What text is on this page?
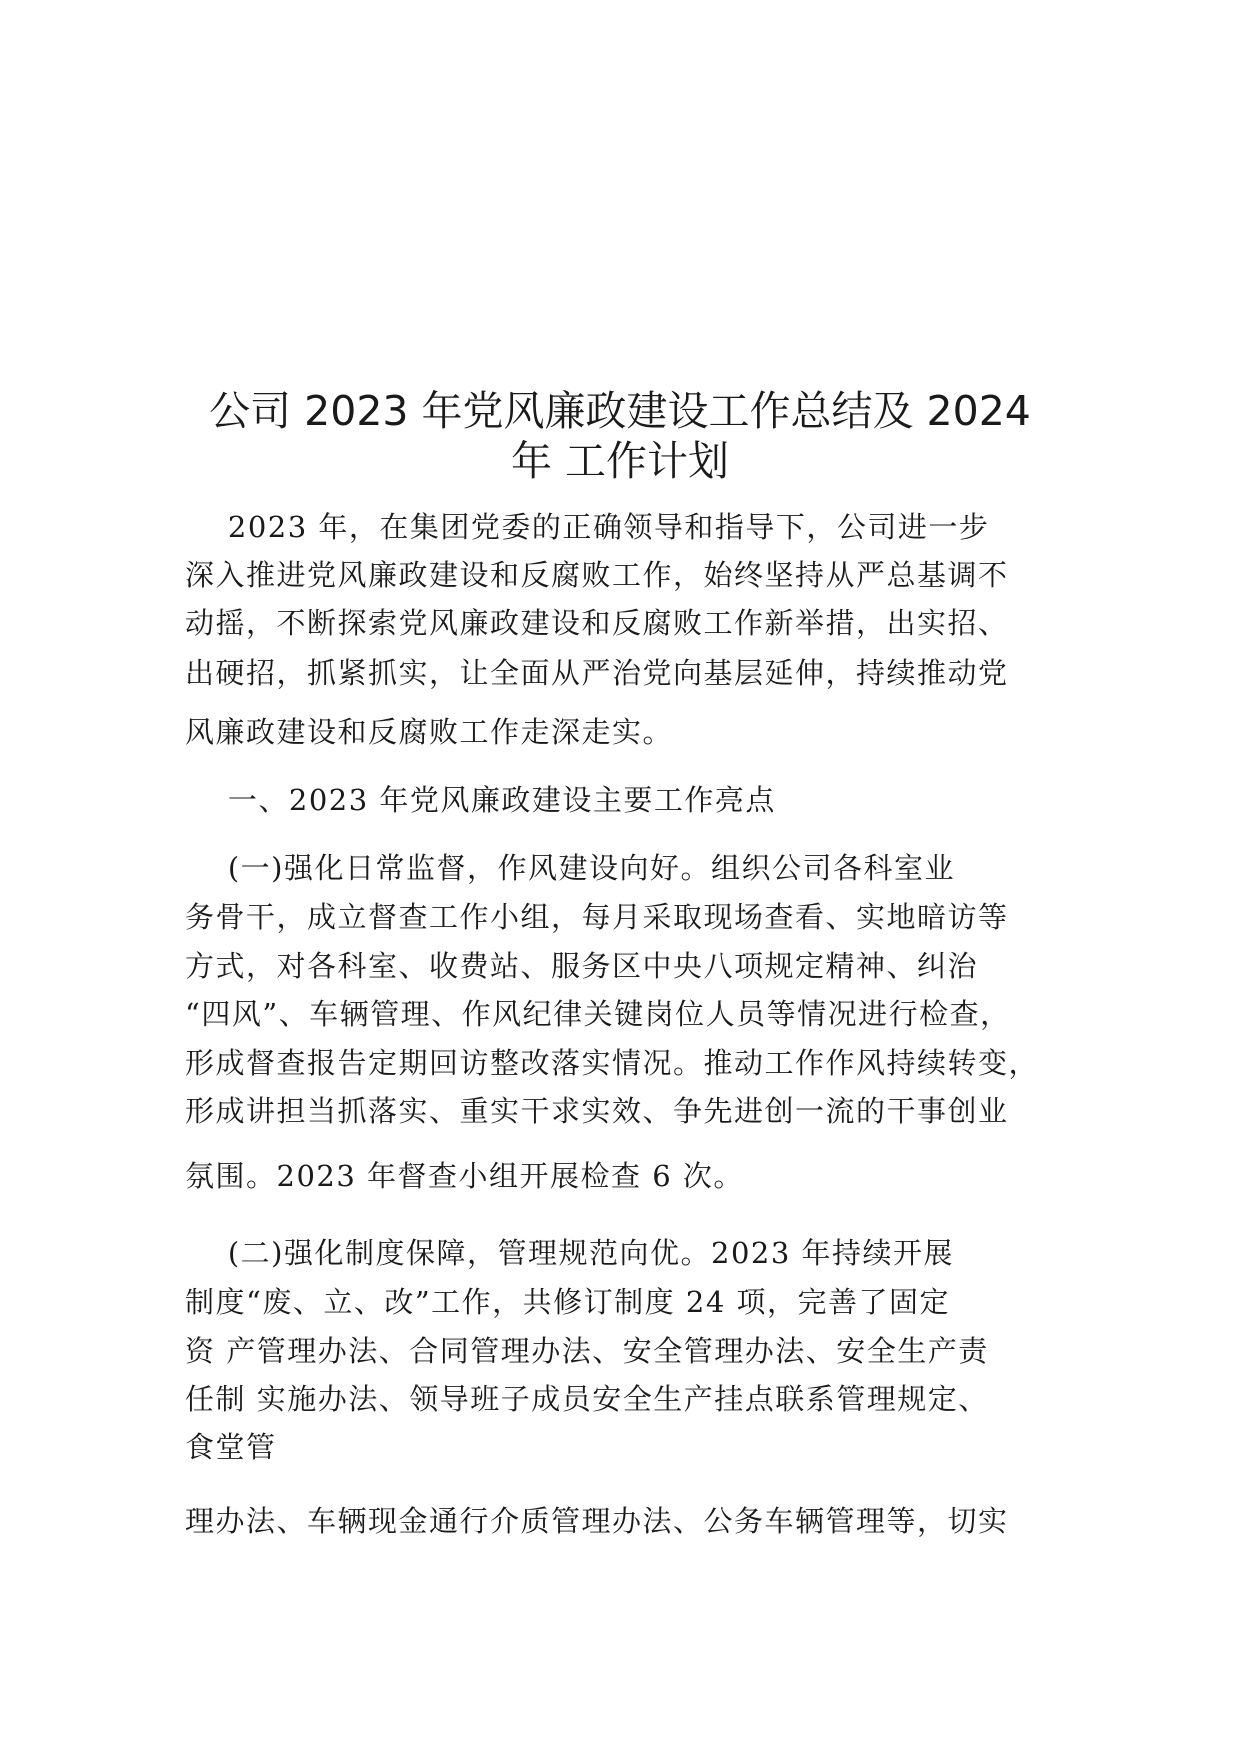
公司 2023 年党风廉政建设工作总结及 2024
年 工作计划

2023 年，在集团党委的正确领导和指导下，公司进一步

深入推进党风廉政建设和反腐败工作，始终坚持从严总基调不

动摇，不断探索党风廉政建设和反腐败工作新举措，出实招、

出硬招，抓紧抓实，让全面从严治党向基层延伸，持续推动党

风廉政建设和反腐败工作走深走实。

一、2023 年党风廉政建设主要工作亮点

(一)强化日常监督，作风建设向好。组织公司各科室业

务骨干，成立督查工作小组，每月采取现场查看、实地暗访等

方式，对各科室、收费站、服务区中央八项规定精神、纠治

“四风”、车辆管理、作风纪律关键岗位人员等情况进行检查，

形成督查报告定期回访整改落实情况。推动工作作风持续转变，

形成讲担当抓落实、重实干求实效、争先进创一流的干事创业

氛围。2023 年督查小组开展检查 6 次。

(二)强化制度保障，管理规范向优。2023 年持续开展

制度“废、立、改”工作，共修订制度 24 项，完善了固定

资 产管理办法、合同管理办法、安全管理办法、安全生产责

任制 实施办法、领导班子成员安全生产挂点联系管理规定、

食堂管

理办法、车辆现金通行介质管理办法、公务车辆管理等，切实
